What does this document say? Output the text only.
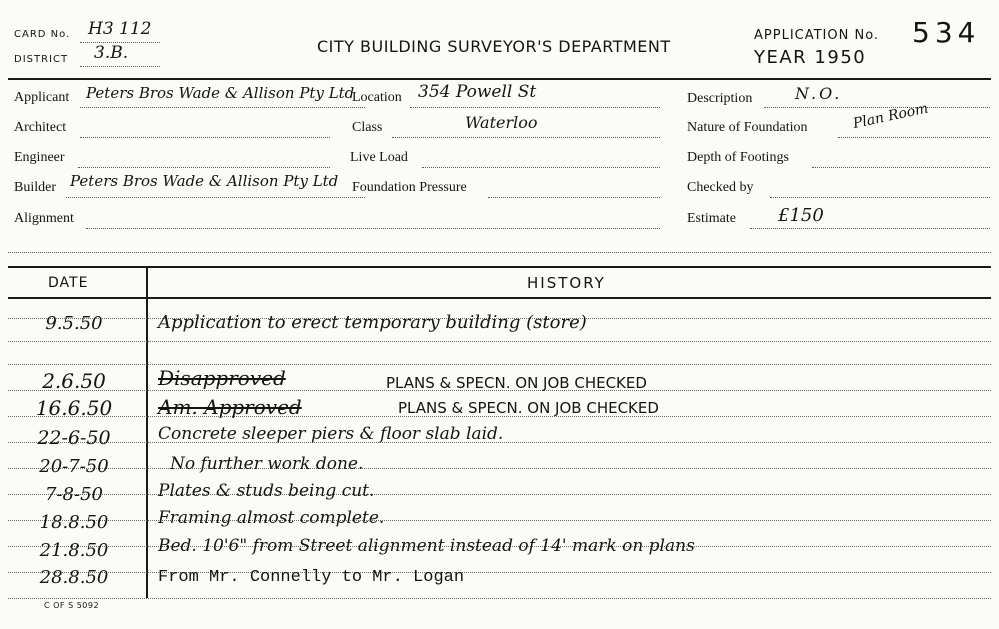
CARD No. H3 112
DISTRICT 3.B.	CITY BUILDING SURVEYOR'S DEPARTMENT
APPLICATION No. 534
YEAR 1950
Applicant Peters Bros Wade & Allison Pty Ltd
Architect
Engineer
Builder Peters Bros Wade & Allison Pty Ltd
Alignment
Location 354 Powell St
Class	Waterloo
Live Load
Foundation Pressure
Description	N.O.
Nature of Foundation	Plan Room
Depth of Footings
Checked by
Estimate £150
DATE	HISTORY
9.5.50	Application to erect temporary building (store)
2.6.50	Disapproved	PLANS & SPECN. ON JOB CHECKED
16.6.50	Am. Approved	PLANS & SPECN. ON JOB CHECKED
22-6-50	Concrete sleeper piers & floor slab laid.
20-7-50	No further work done.
7-8-50	Plates & studs being cut.
18.8.50	Framing almost complete.
21.8.50	Bed. 10'6" from Street alignment instead of 14' mark on plans
28.8.50	From Mr. Connelly to Mr. Logan
C OF S 5092
